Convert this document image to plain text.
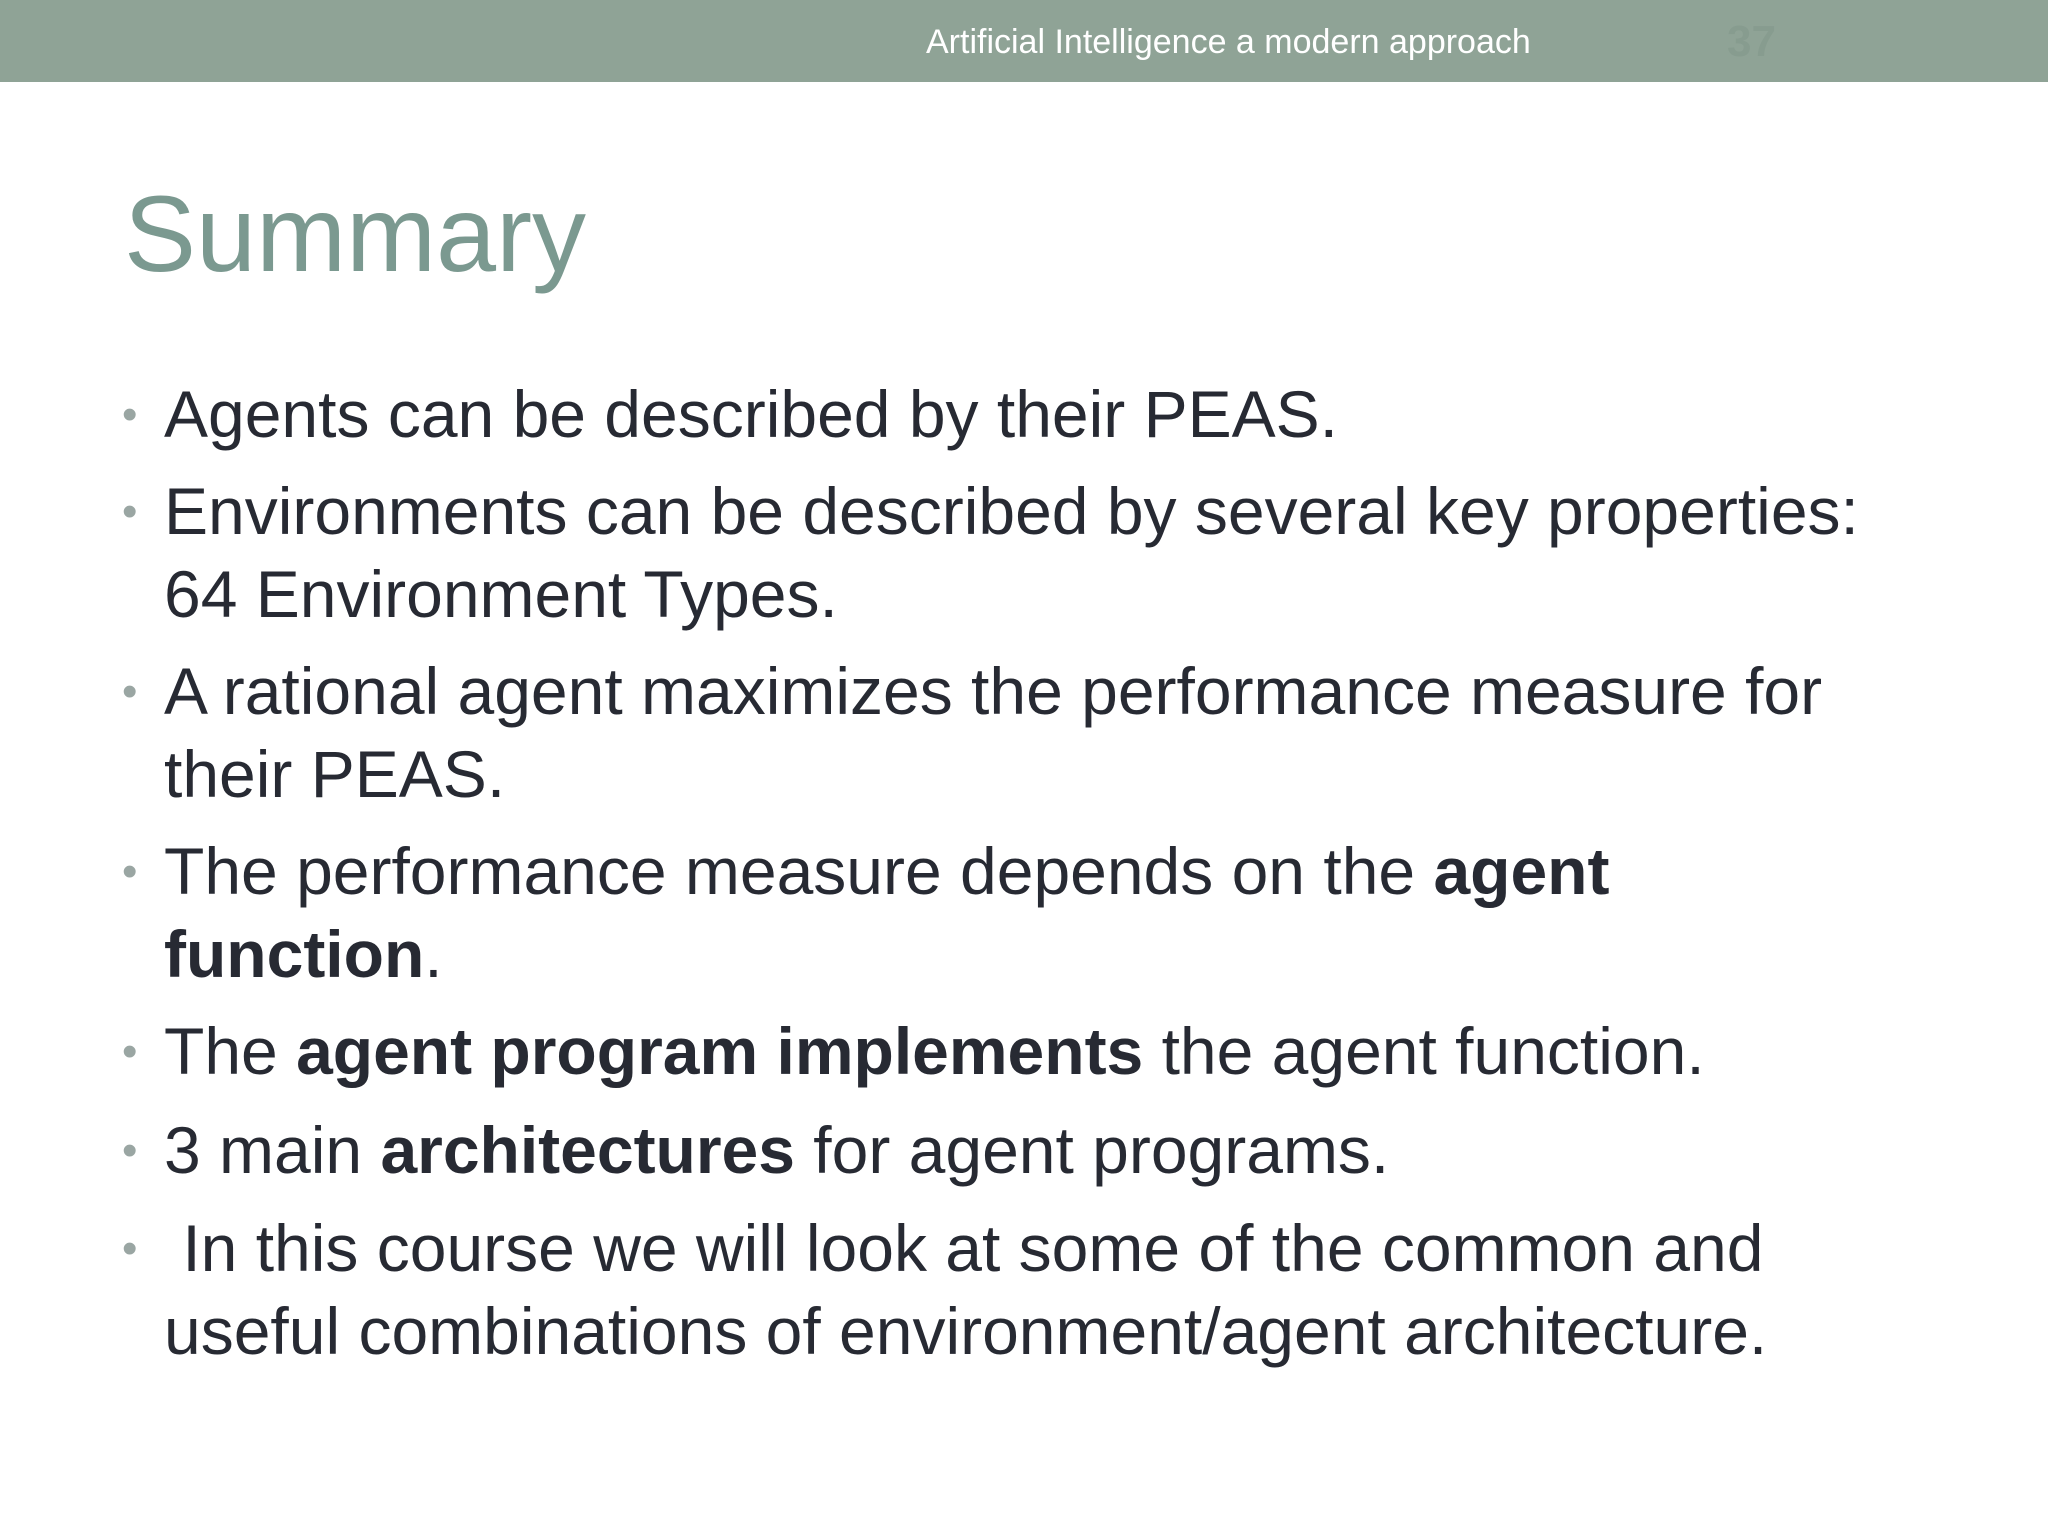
Artificial Intelligence a modern approach	37
Summary
• Agents can be described by their PEAS.
• Environments can be described by several key properties:
64 Environment Types.
• A rational agent maximizes the performance measure for
their PEAS.
• The performance measure depends on the agent
function.
• The agent program implements the agent function.
• 3 main architectures for agent programs.
• In this course we will look at some of the common and
useful combinations of environment/agent architecture.
